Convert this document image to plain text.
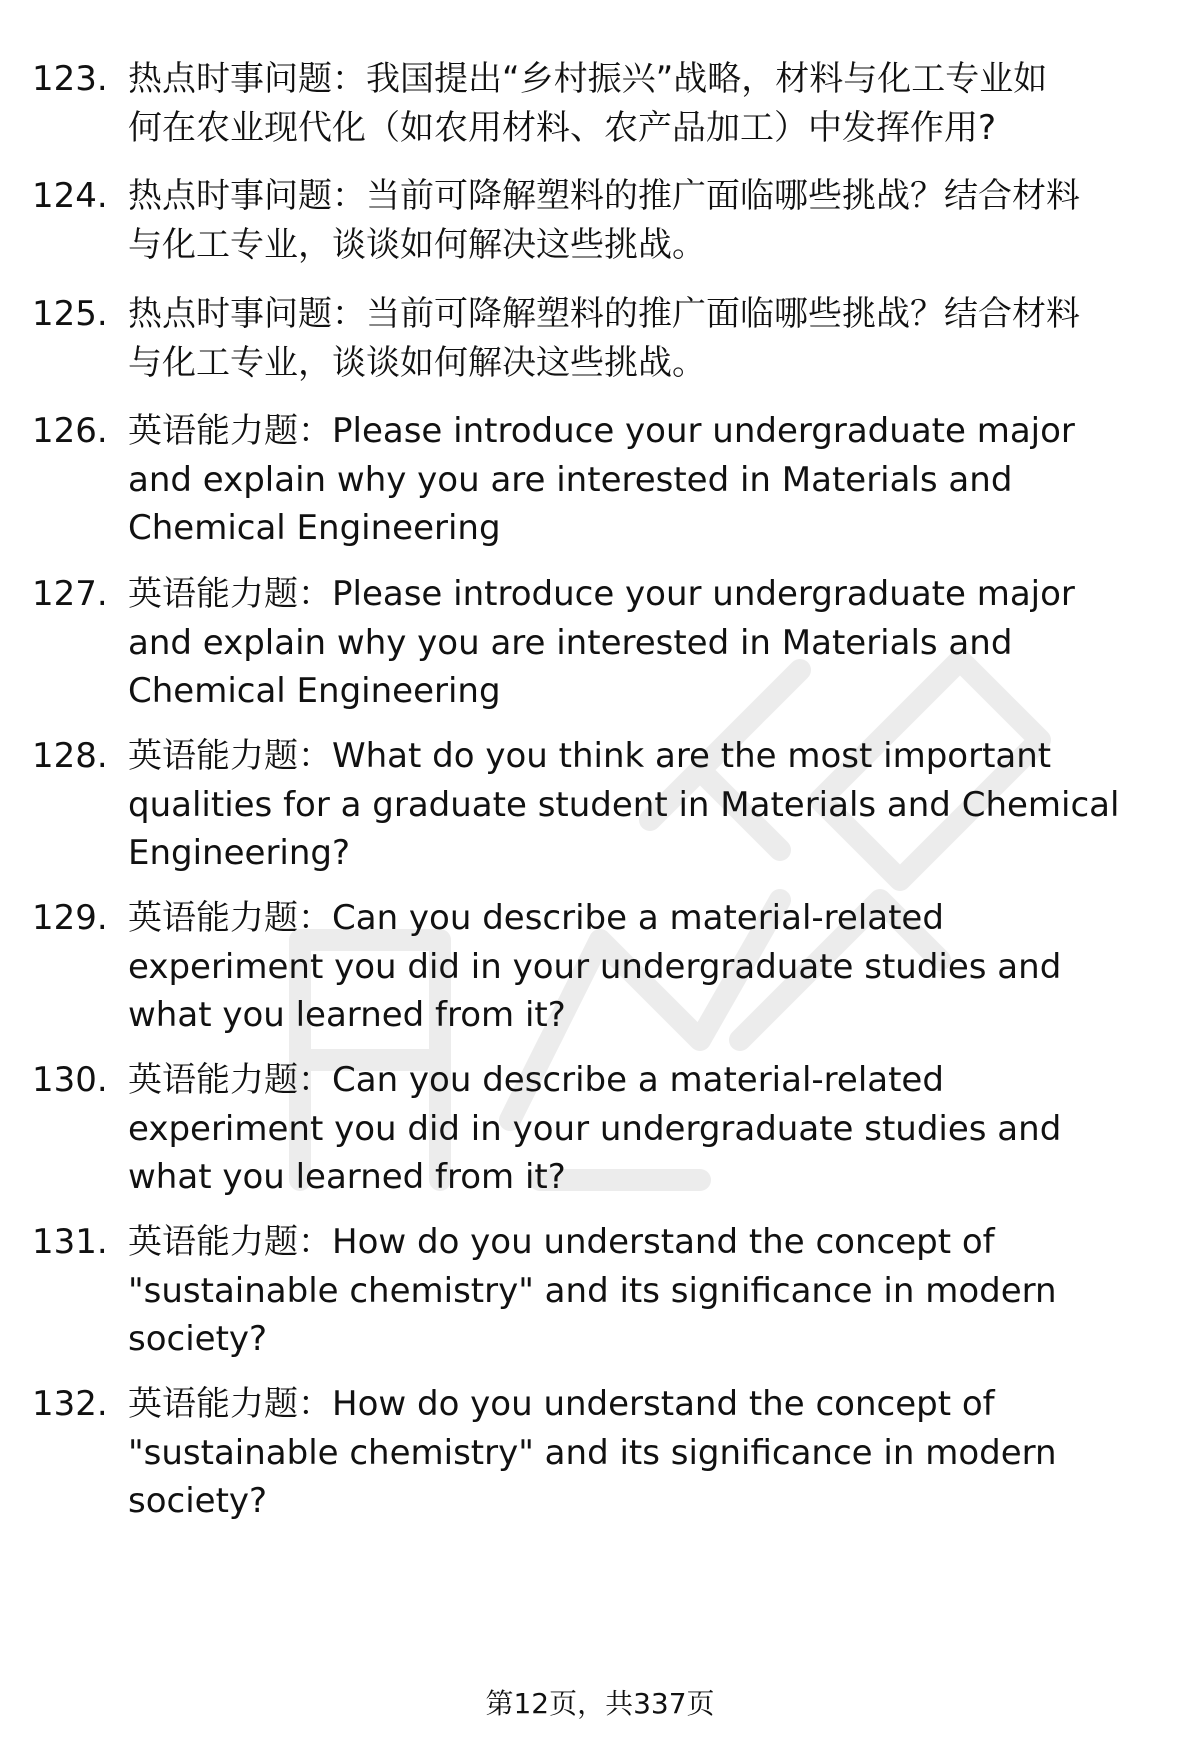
123. 热点时事问题：我国提出“乡村振兴”战略，材料与化工专业如
何在农业现代化（如农用材料、农产品加工）中发挥作用?
124. 热点时事问题：当前可降解塑料的推广面临哪些挑战？结合材料
与化工专业，谈谈如何解决这些挑战。
125. 热点时事问题：当前可降解塑料的推广面临哪些挑战？结合材料
与化工专业，谈谈如何解决这些挑战。
126. 英语能力题：Please introduce your undergraduate major
and explain why you are interested in Materials and
Chemical Engineering
127. 英语能力题：Please introduce your undergraduate major
and explain why you are interested in Materials and
Chemical Engineering
128. 英语能力题：What do you think are the most important
qualities for a graduate student in Materials and Chemical
Engineering?
129. 英语能力题：Can you describe a material-related
experiment you did in your undergraduate studies and
what you learned from it?
130. 英语能力题：Can you describe a material-related
experiment you did in your undergraduate studies and
what you learned from it?
131. 英语能力题：How do you understand the concept of
"sustainable chemistry" and its significance in modern
society?
132. 英语能力题：How do you understand the concept of
"sustainable chemistry" and its significance in modern
society?
第12页，共337页
